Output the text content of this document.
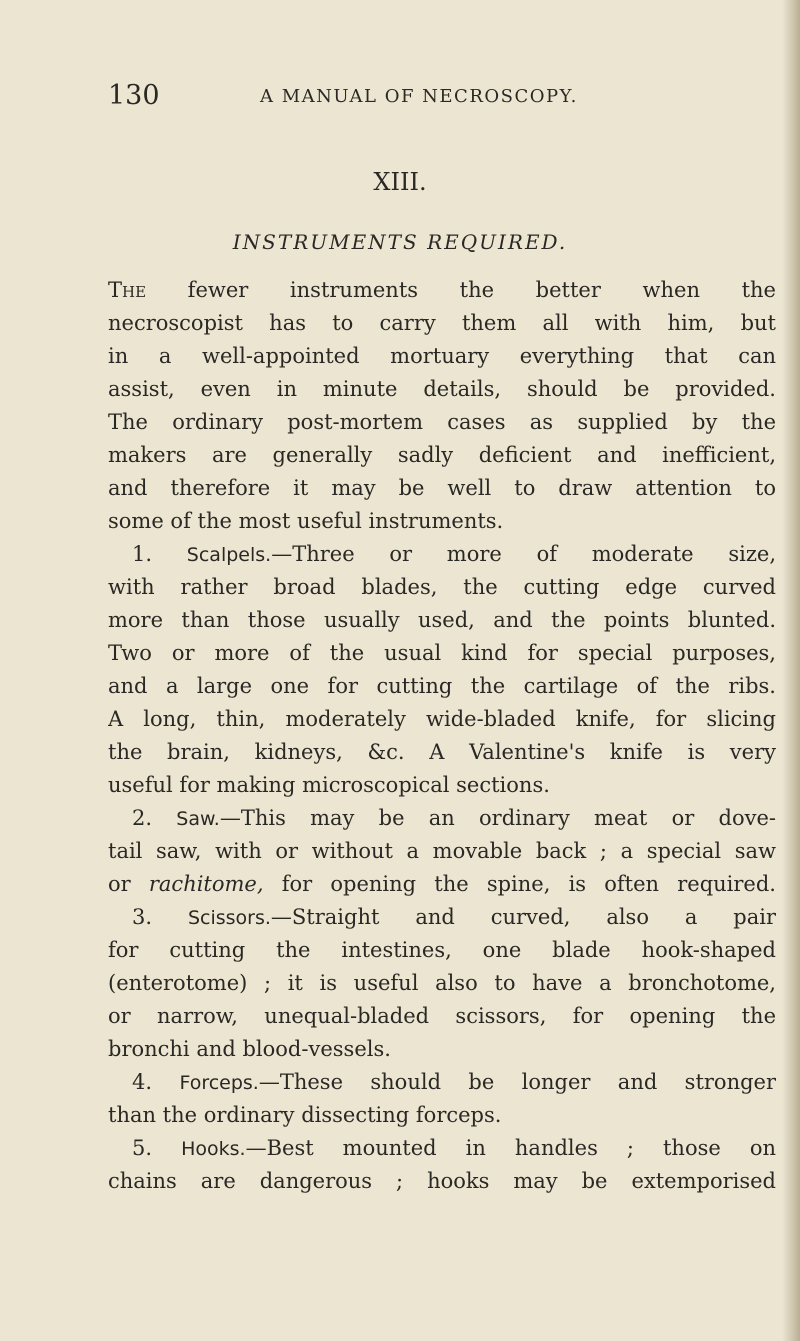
130	A MANUAL OF NECROSCOPY.
XIII.
INSTRUMENTS REQUIRED.
The fewer instruments the better when the
necroscopist has to carry them all with him, but
in a well-appointed mortuary everything that can
assist, even in minute details, should be provided.
The ordinary post-mortem cases as supplied by the
makers are generally sadly deficient and inefficient,
and therefore it may be well to draw attention to
some of the most useful instruments.
1. Scalpels.—Three or more of moderate size,
with rather broad blades, the cutting edge curved
more than those usually used, and the points blunted.
Two or more of the usual kind for special purposes,
and a large one for cutting the cartilage of the ribs.
A long, thin, moderately wide-bladed knife, for slicing
the brain, kidneys, &c. A Valentine's knife is very
useful for making microscopical sections.
2. Saw.—This may be an ordinary meat or dove-
tail saw, with or without a movable back ; a special saw
or rachitome, for opening the spine, is often required.
3. Scissors.—Straight and curved, also a pair
for cutting the intestines, one blade hook-shaped
(enterotome) ; it is useful also to have a bronchotome,
or narrow, unequal-bladed scissors, for opening the
bronchi and blood-vessels.
4. Forceps.—These should be longer and stronger
than the ordinary dissecting forceps.
5. Hooks.—Best mounted in handles ; those on
chains are dangerous ; hooks may be extemporised
